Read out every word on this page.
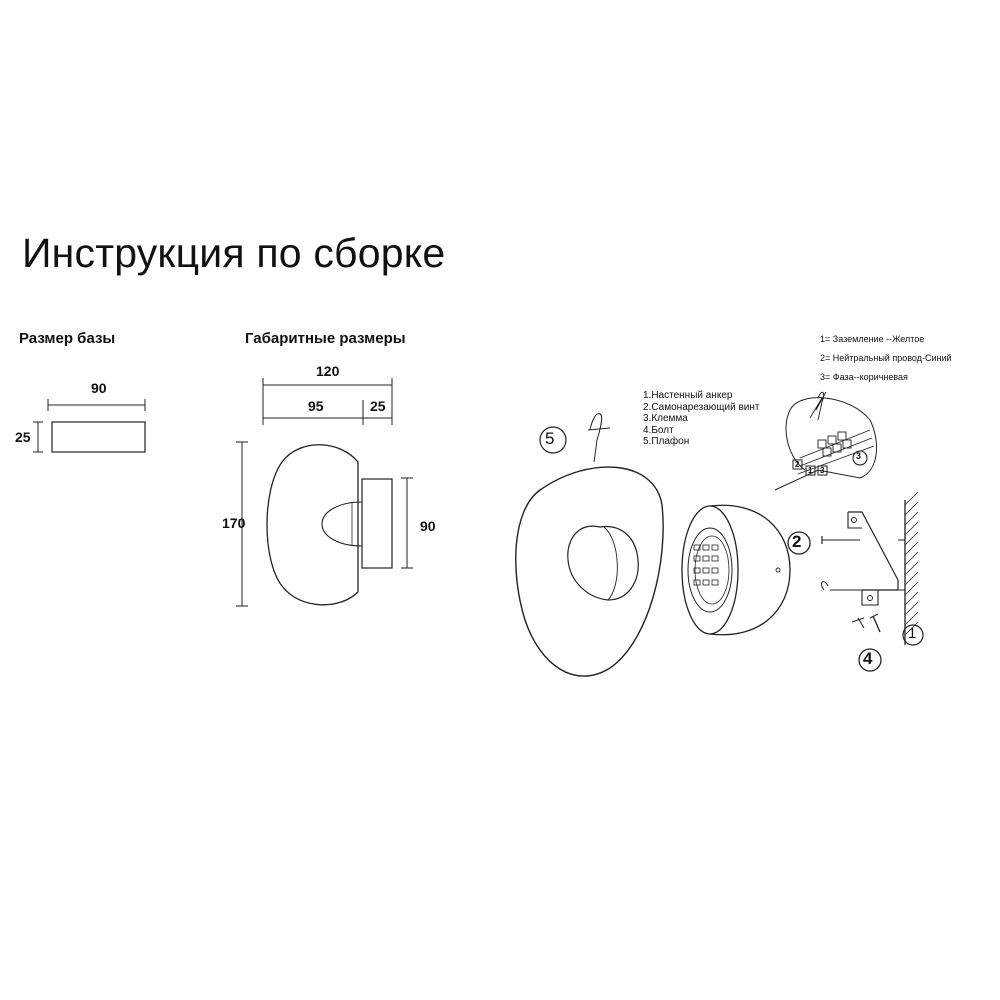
Инструкция по сборке
Размер базы	Габаритные размеры
90
25
120
95	25
170	90
1.Настенный анкер
2.Самонарезающий винт
3.Клемма
4.Болт
5.Плафон
1= Заземление --Желтое
2= Нейтральный провод-Синий
3= Фаза--коричневая
5
2
4
1
2
1 3
3
